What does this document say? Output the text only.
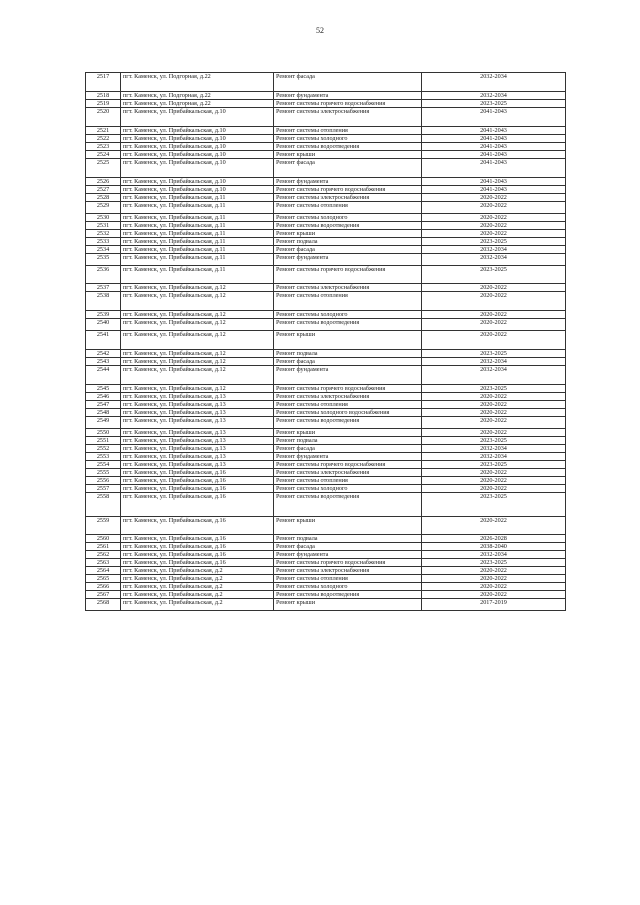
52
2517	пгт. Каменск, ул. Подгорная, д.22	Ремонт фасада	2032-2034
2518	пгт. Каменск, ул. Подгорная, д.22	Ремонт фундамента	2032-2034
2519	пгт. Каменск, ул. Подгорная, д.22	Ремонт системы горячего водоснабжения	2023-2025
2520	пгт. Каменск, ул. Прибайкальская, д.10	Ремонт системы электроснабжения	2041-2043
2521	пгт. Каменск, ул. Прибайкальская, д.10	Ремонт системы отопления	2041-2043
2522	пгт. Каменск, ул. Прибайкальская, д.10	Ремонт системы холодного	2041-2043
2523	пгт. Каменск, ул. Прибайкальская, д.10	Ремонт системы водоотведения	2041-2043
2524	пгт. Каменск, ул. Прибайкальская, д.10	Ремонт крыши	2041-2043
2525	пгт. Каменск, ул. Прибайкальская, д.10	Ремонт фасада	2041-2043
2526	пгт. Каменск, ул. Прибайкальская, д.10	Ремонт фундамента	2041-2043
2527	пгт. Каменск, ул. Прибайкальская, д.10	Ремонт системы горячего водоснабжения	2041-2043
2528	пгт. Каменск, ул. Прибайкальская, д.11	Ремонт системы электроснабжения	2020-2022
2529	пгт. Каменск, ул. Прибайкальская, д.11	Ремонт системы отопления	2020-2022
2530	пгт. Каменск, ул. Прибайкальская, д.11	Ремонт системы холодного	2020-2022
2531	пгт. Каменск, ул. Прибайкальская, д.11	Ремонт системы водоотведения	2020-2022
2532	пгт. Каменск, ул. Прибайкальская, д.11	Ремонт крыши	2020-2022
2533	пгт. Каменск, ул. Прибайкальская, д.11	Ремонт подвала	2023-2025
2534	пгт. Каменск, ул. Прибайкальская, д.11	Ремонт фасада	2032-2034
2535	пгт. Каменск, ул. Прибайкальская, д.11	Ремонт фундамента	2032-2034
2536	пгт. Каменск, ул. Прибайкальская, д.11	Ремонт системы горячего водоснабжения	2023-2025
2537	пгт. Каменск, ул. Прибайкальская, д.12	Ремонт системы электроснабжения	2020-2022
2538	пгт. Каменск, ул. Прибайкальская, д.12	Ремонт системы отопления	2020-2022
2539	пгт. Каменск, ул. Прибайкальская, д.12	Ремонт системы холодного	2020-2022
2540	пгт. Каменск, ул. Прибайкальская, д.12	Ремонт системы водоотведения	2020-2022
2541	пгт. Каменск, ул. Прибайкальская, д.12	Ремонт крыши	2020-2022
2542	пгт. Каменск, ул. Прибайкальская, д.12	Ремонт подвала	2023-2025
2543	пгт. Каменск, ул. Прибайкальская, д.12	Ремонт фасада	2032-2034
2544	пгт. Каменск, ул. Прибайкальская, д.12	Ремонт фундамента	2032-2034
2545	пгт. Каменск, ул. Прибайкальская, д.12	Ремонт системы горячего водоснабжения	2023-2025
2546	пгт. Каменск, ул. Прибайкальская, д.13	Ремонт системы электроснабжения	2020-2022
2547	пгт. Каменск, ул. Прибайкальская, д.13	Ремонт системы отопления	2020-2022
2548	пгт. Каменск, ул. Прибайкальская, д.13	Ремонт системы холодного водоснабжения	2020-2022
2549	пгт. Каменск, ул. Прибайкальская, д.13	Ремонт системы водоотведения	2020-2022
2550	пгт. Каменск, ул. Прибайкальская, д.13	Ремонт крыши	2020-2022
2551	пгт. Каменск, ул. Прибайкальская, д.13	Ремонт подвала	2023-2025
2552	пгт. Каменск, ул. Прибайкальская, д.13	Ремонт фасада	2032-2034
2553	пгт. Каменск, ул. Прибайкальская, д.13	Ремонт фундамента	2032-2034
2554	пгт. Каменск, ул. Прибайкальская, д.13	Ремонт системы горячего водоснабжения	2023-2025
2555	пгт. Каменск, ул. Прибайкальская, д.16	Ремонт системы электроснабжения	2020-2022
2556	пгт. Каменск, ул. Прибайкальская, д.16	Ремонт системы отопления	2020-2022
2557	пгт. Каменск, ул. Прибайкальская, д.16	Ремонт системы холодного	2020-2022
2558	пгт. Каменск, ул. Прибайкальская, д.16	Ремонт системы водоотведения	2023-2025
2559	пгт. Каменск, ул. Прибайкальская, д.16	Ремонт крыши	2020-2022
2560	пгт. Каменск, ул. Прибайкальская, д.16	Ремонт подвала	2026-2028
2561	пгт. Каменск, ул. Прибайкальская, д.16	Ремонт фасада	2038-2040
2562	пгт. Каменск, ул. Прибайкальская, д.16	Ремонт фундамента	2032-2034
2563	пгт. Каменск, ул. Прибайкальская, д.16	Ремонт системы горячего водоснабжения	2023-2025
2564	пгт. Каменск, ул. Прибайкальская, д.2	Ремонт системы электроснабжения	2020-2022
2565	пгт. Каменск, ул. Прибайкальская, д.2	Ремонт системы отопления	2020-2022
2566	пгт. Каменск, ул. Прибайкальская, д.2	Ремонт системы холодного	2020-2022
2567	пгт. Каменск, ул. Прибайкальская, д.2	Ремонт системы водоотведения	2020-2022
2568	пгт. Каменск, ул. Прибайкальская, д.2	Ремонт крыши	2017-2019
